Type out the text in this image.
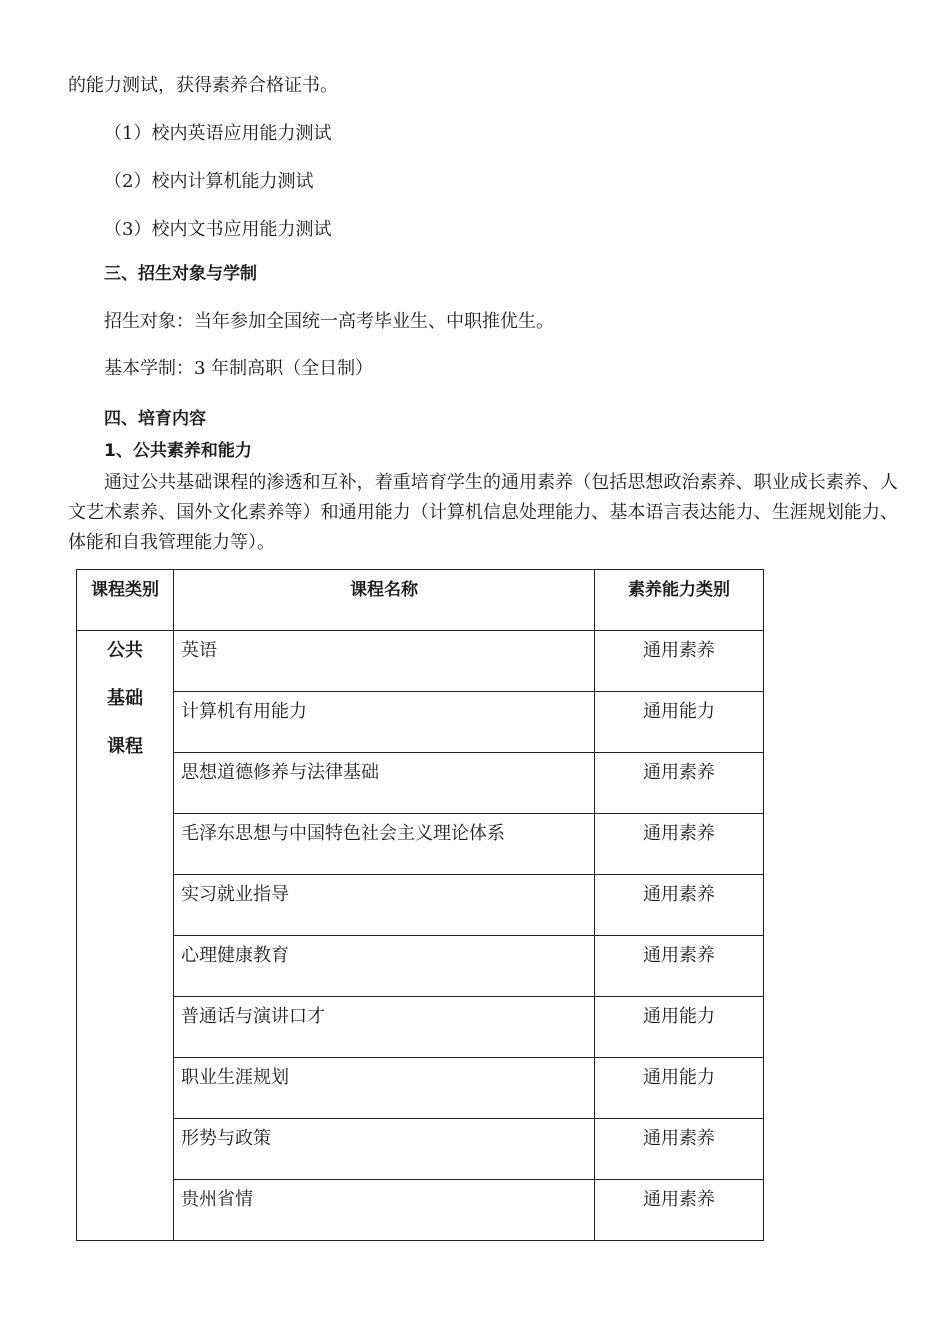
的能力测试，获得素养合格证书。
（1）校内英语应用能力测试
（2）校内计算机能力测试
（3）校内文书应用能力测试
三、招生对象与学制
招生对象：当年参加全国统一高考毕业生、中职推优生。
基本学制：3 年制高职（全日制）
四、培育内容
1、公共素养和能力
通过公共基础课程的渗透和互补，着重培育学生的通用素养（包括思想政治素养、职业成长素养、人文艺术素养、国外文化素养等）和通用能力（计算机信息处理能力、基本语言表达能力、生涯规划能力、体能和自我管理能力等）。
课程类别	课程名称	素养能力类别

公共
基础
课程	英语	通用素养
	计算机有用能力	通用能力
	思想道德修养与法律基础	通用素养
	毛泽东思想与中国特色社会主义理论体系	通用素养
	实习就业指导	通用素养
	心理健康教育	通用素养
	普通话与演讲口才	通用能力
	职业生涯规划	通用能力
	形势与政策	通用素养
	贵州省情	通用素养
